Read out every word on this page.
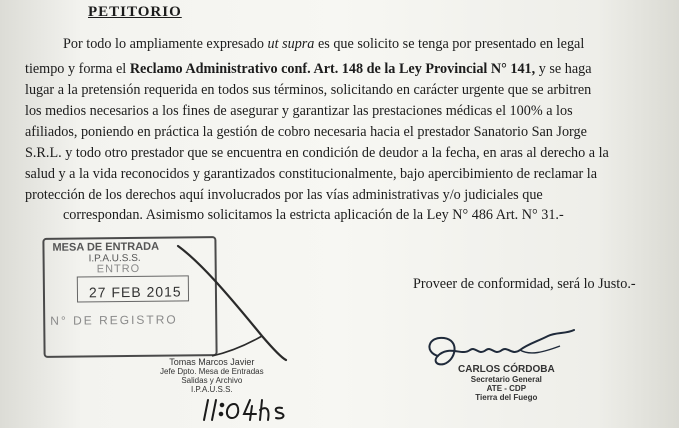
PETITORIO
Por todo lo ampliamente expresado ut supra es que solicito se tenga por presentado en legal
tiempo y forma el Reclamo Administrativo conf. Art. 148 de la Ley Provincial N° 141, y se haga
lugar a la pretensión requerida en todos sus términos, solicitando en carácter urgente que se arbitren
los medios necesarios a los fines de asegurar y garantizar las prestaciones médicas el 100% a los
afiliados, poniendo en práctica la gestión de cobro necesaria hacia el prestador Sanatorio San Jorge
S.R.L. y todo otro prestador que se encuentra en condición de deudor a la fecha, en aras al derecho a la
salud y a la vida reconocidos y garantizados constitucionalmente, bajo apercibimiento de reclamar la
protección de los derechos aquí involucrados por las vías administrativas y/o judiciales que
correspondan. Asimismo solicitamos la estricta aplicación de la Ley N° 486 Art. N° 31.-
MESA DE ENTRADA
I.P.A.U.S.S.
ENTRO
27 FEB 2015
N° DE REGISTRO
Proveer de conformidad, será lo Justo.-
Tomas Marcos Javier
Jefe Dpto. Mesa de Entradas
Salidas y Archivo
I.P.A.U.S.S.
CARLOS CÓRDOBA
Secretario General
ATE - CDP
Tierra del Fuego
